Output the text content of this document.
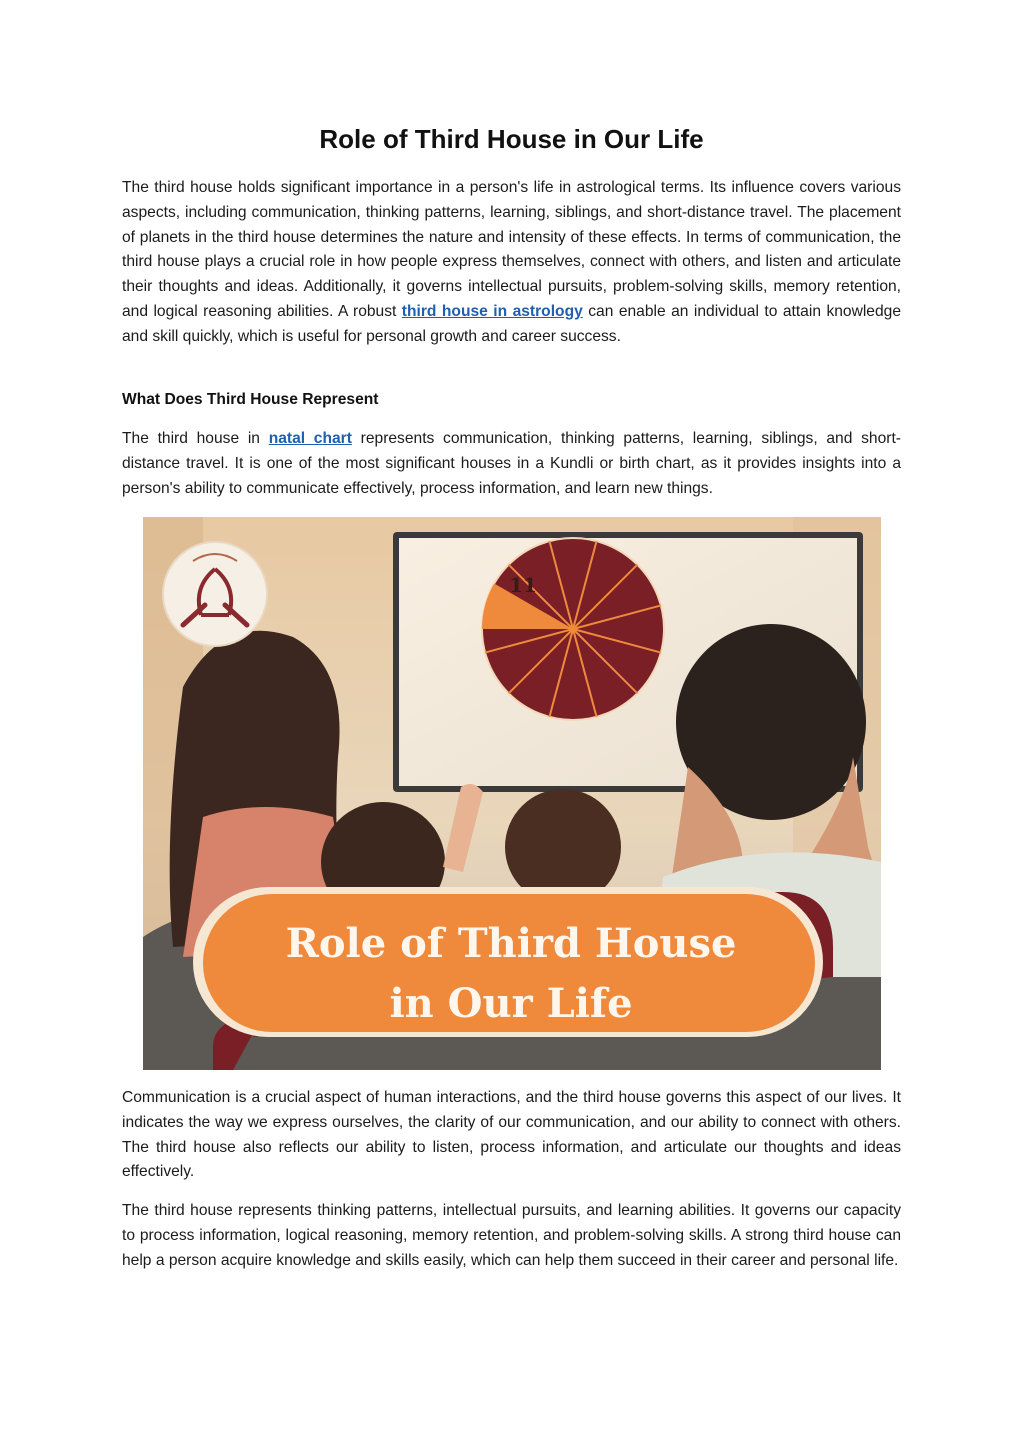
Role of Third House in Our Life

The third house holds significant importance in a person's life in astrological terms. Its influence covers various aspects, including communication, thinking patterns, learning, siblings, and short-distance travel. The placement of planets in the third house determines the nature and intensity of these effects. In terms of communication, the third house plays a crucial role in how people express themselves, connect with others, and listen and articulate their thoughts and ideas. Additionally, it governs intellectual pursuits, problem-solving skills, memory retention, and logical reasoning abilities. A robust third house in astrology can enable an individual to attain knowledge and skill quickly, which is useful for personal growth and career success.

What Does Third House Represent

The third house in natal chart represents communication, thinking patterns, learning, siblings, and short-distance travel. It is one of the most significant houses in a Kundli or birth chart, as it provides insights into a person's ability to communicate effectively, process information, and learn new things.

11
Role of Third House
in Our Life

Communication is a crucial aspect of human interactions, and the third house governs this aspect of our lives. It indicates the way we express ourselves, the clarity of our communication, and our ability to connect with others. The third house also reflects our ability to listen, process information, and articulate our thoughts and ideas effectively.

The third house represents thinking patterns, intellectual pursuits, and learning abilities. It governs our capacity to process information, logical reasoning, memory retention, and problem-solving skills. A strong third house can help a person acquire knowledge and skills easily, which can help them succeed in their career and personal life.
